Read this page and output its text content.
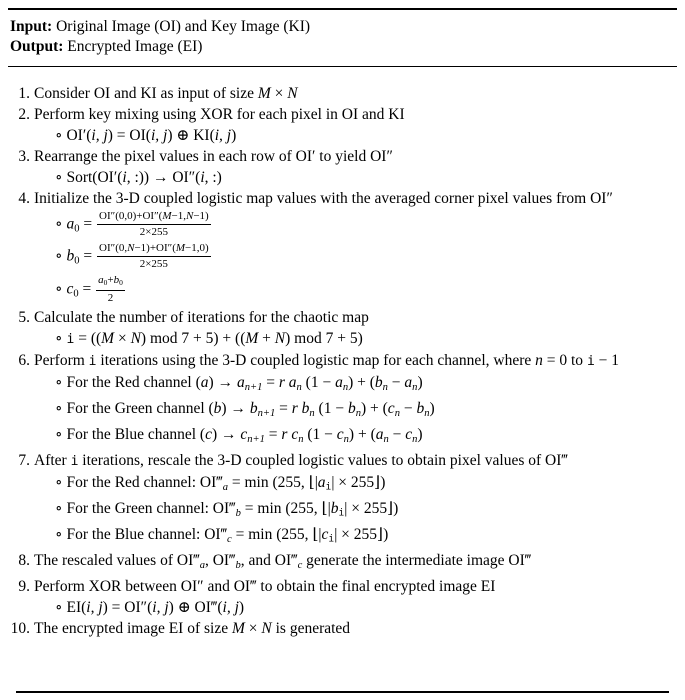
Input: Original Image (OI) and Key Image (KI)
Output: Encrypted Image (EI)
1. Consider OI and KI as input of size M × N
2. Perform key mixing using XOR for each pixel in OI and KI
∘ OI′(i, j) = OI(i, j) ⊕ KI(i, j)
3. Rearrange the pixel values in each row of OI′ to yield OI″
∘ Sort(OI′(i, :)) → OI″(i, :)
4. Initialize the 3-D coupled logistic map values with the averaged corner pixel values from OI″
∘ $a0 = \frac{OI''(0,0)+OI''(M-1,N-1)}{2\times 255}$
∘ $b0 = \frac{OI''(0,N-1)+OI''(M-1,0)}{2\times 255}$
∘ $c0 = \frac{a0+b0}{2}$
5. Calculate the number of iterations for the chaotic map
∘ i = ((M × N) mod 7 + 5) + ((M + N) mod 7 + 5)
6. Perform i iterations using the 3-D coupled logistic map for each channel, where n = 0 to i − 1
∘ For the Red channel (a) → an+1 = r an (1 − an) + (bn − an)
∘ For the Green channel (b) → bn+1 = r bn (1 − bn) + (cn − bn)
∘ For the Blue channel (c) → cn+1 = r cn (1 − cn) + (an − cn)
7. After i iterations, rescale the 3-D coupled logistic values to obtain pixel values of OI‴
∘ For the Red channel: OI‴a = min (255, ⌊|ai| × 255⌋)
∘ For the Green channel: OI‴b = min (255, ⌊|bi| × 255⌋)
∘ For the Blue channel: OI‴c = min (255, ⌊|ci| × 255⌋)
8. The rescaled values of OI‴a, OI‴b, and OI‴c generate the intermediate image OI‴
9. Perform XOR between OI″ and OI‴ to obtain the final encrypted image EI
∘ EI(i, j) = OI″(i, j) ⊕ OI‴(i, j)
10. The encrypted image EI of size M × N is generated
